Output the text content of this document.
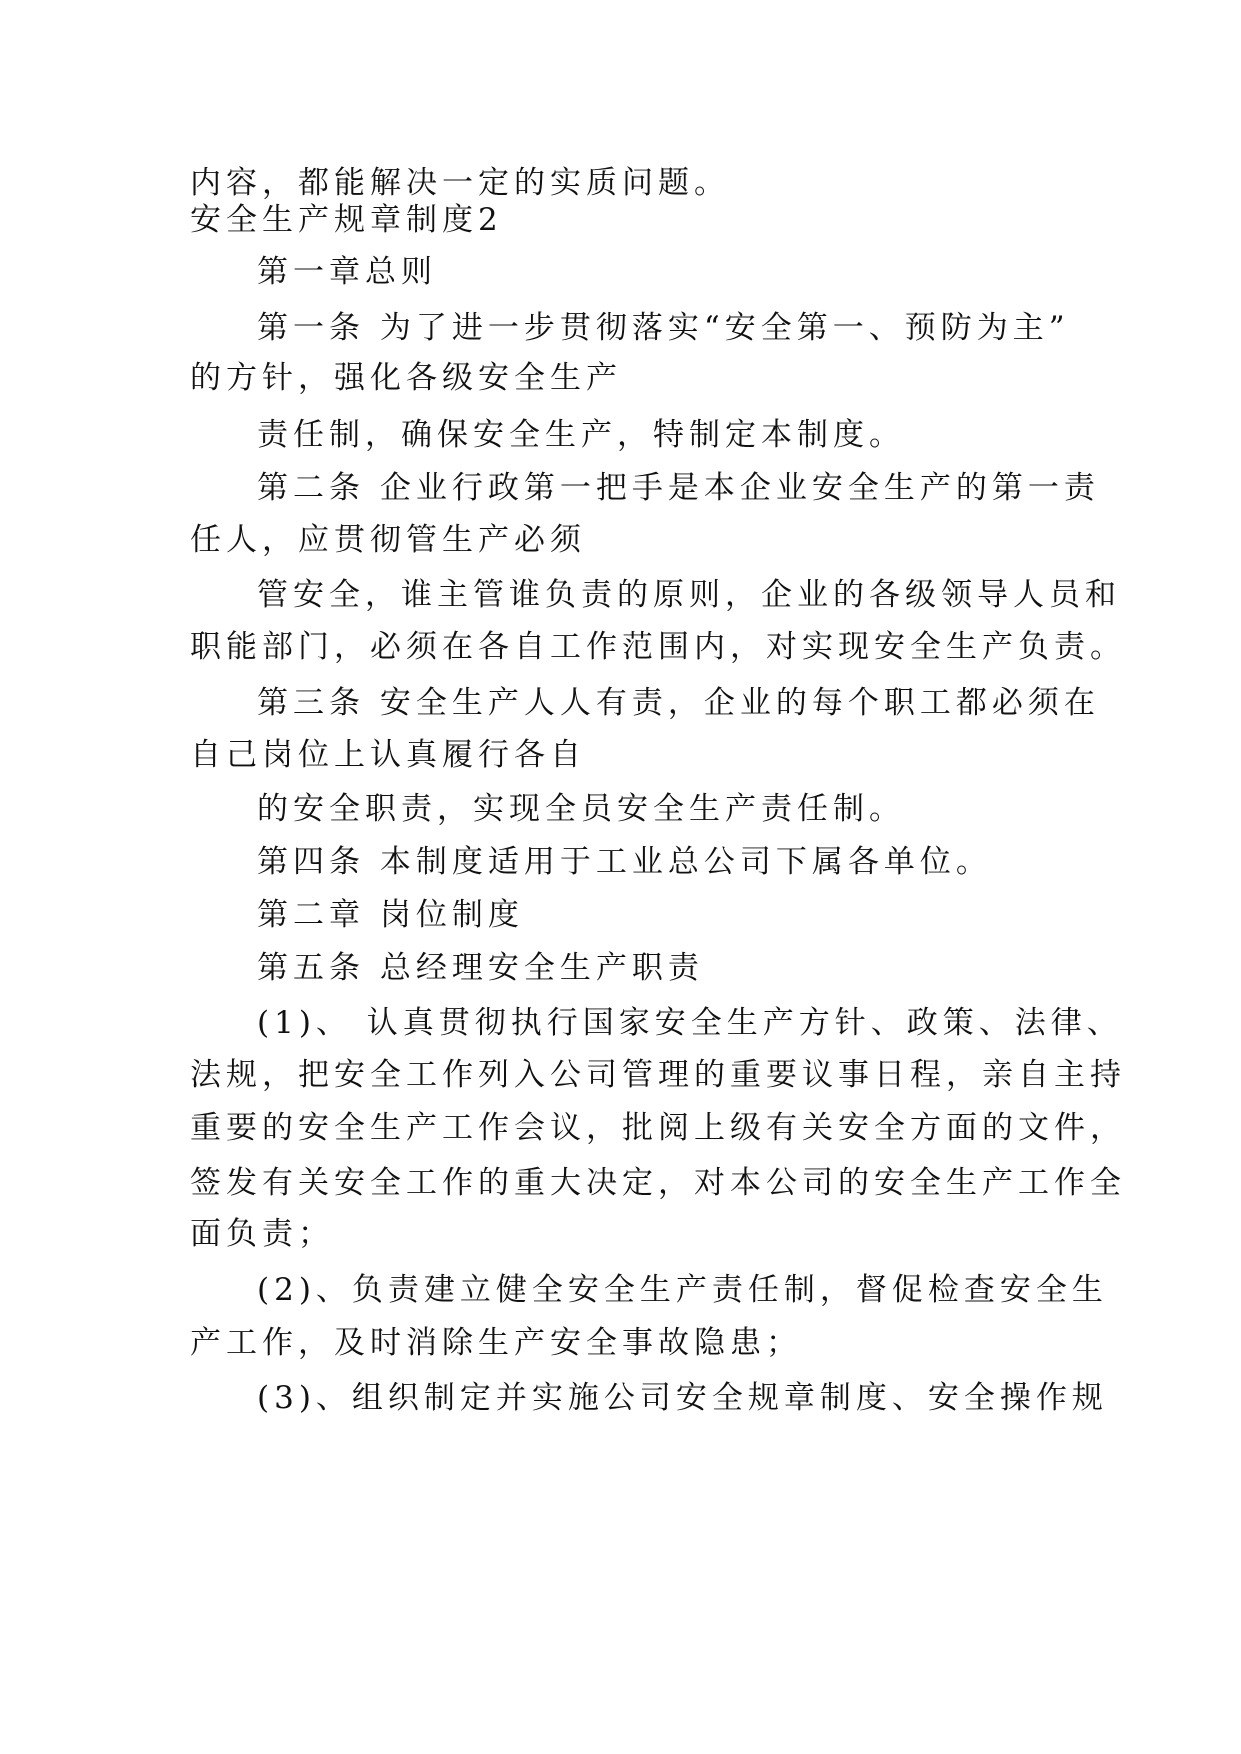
内容，都能解决一定的实质问题。
安全生产规章制度2
第一章总则
第一条 为了进一步贯彻落实“安全第一、预防为主”
的方针，强化各级安全生产
责任制，确保安全生产，特制定本制度。
第二条 企业行政第一把手是本企业安全生产的第一责
任人，应贯彻管生产必须
管安全，谁主管谁负责的原则，企业的各级领导人员和
职能部门，必须在各自工作范围内，对实现安全生产负责。
第三条 安全生产人人有责，企业的每个职工都必须在
自己岗位上认真履行各自
的安全职责，实现全员安全生产责任制。
第四条 本制度适用于工业总公司下属各单位。
第二章 岗位制度
第五条 总经理安全生产职责
(1)、 认真贯彻执行国家安全生产方针、政策、法律、
法规，把安全工作列入公司管理的重要议事日程，亲自主持
重要的安全生产工作会议，批阅上级有关安全方面的文件，
签发有关安全工作的重大决定，对本公司的安全生产工作全
面负责；
(2)、负责建立健全安全生产责任制，督促检查安全生
产工作，及时消除生产安全事故隐患；
(3)、组织制定并实施公司安全规章制度、安全操作规
